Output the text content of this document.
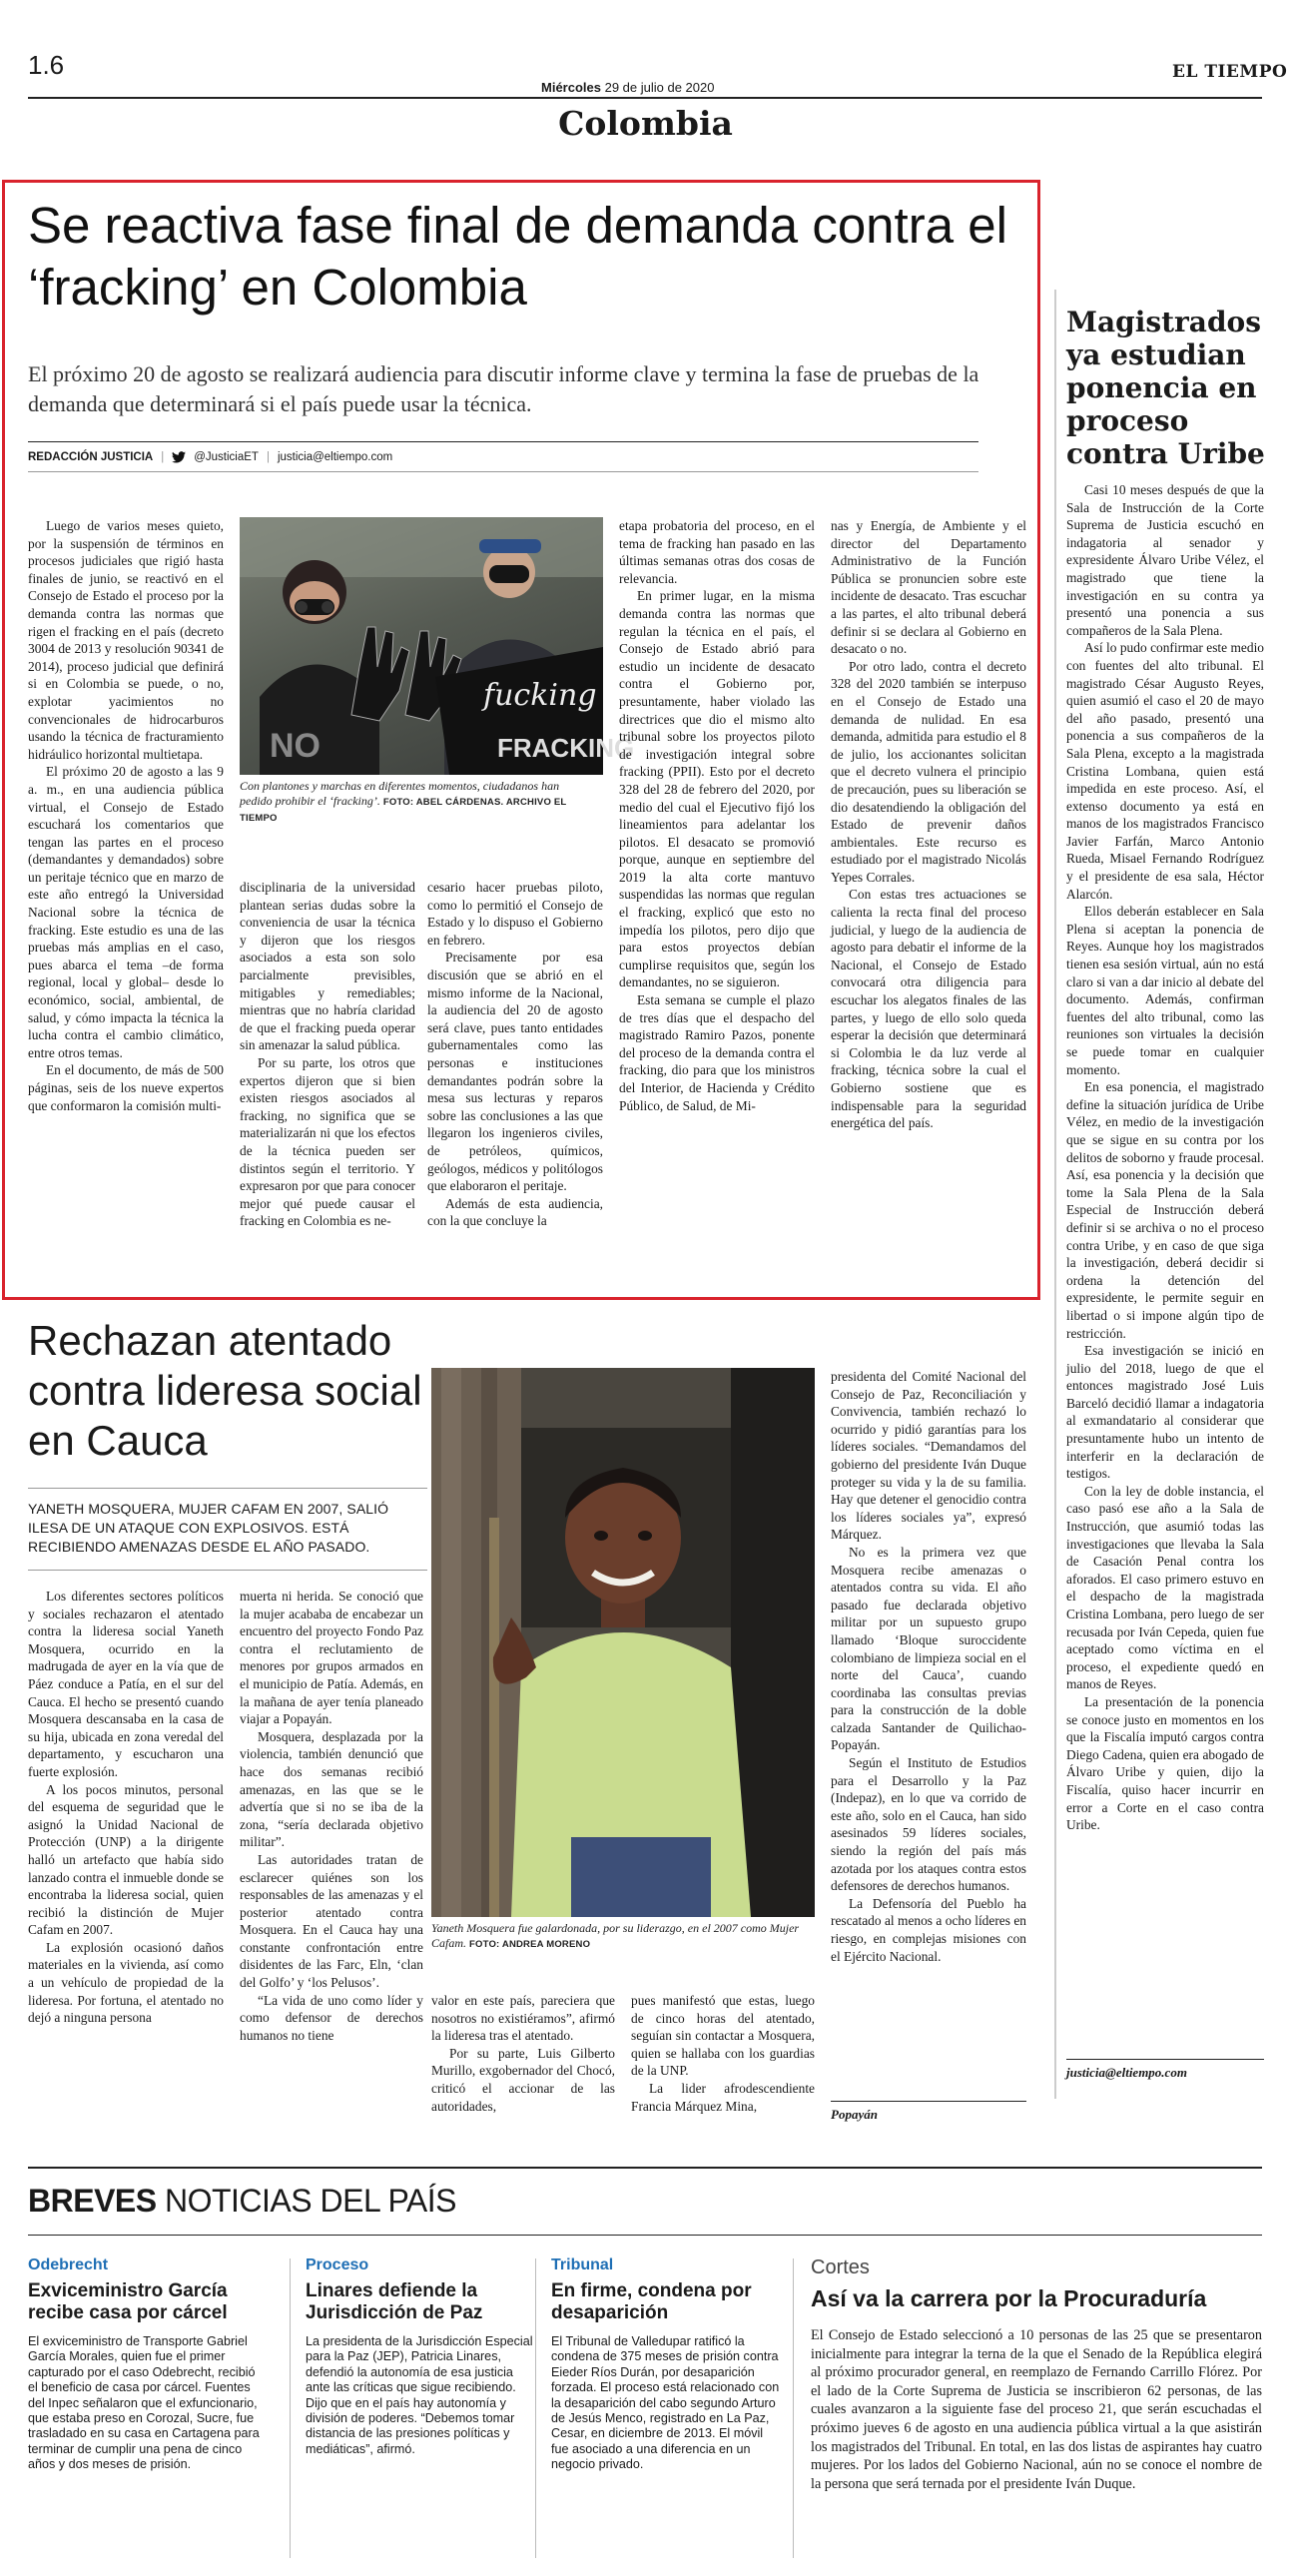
1.6
Miércoles 29 de julio de 2020
EL TIEMPO
Colombia
Se reactiva fase final de demanda contra el ‘fracking’ en Colombia

El próximo 20 de agosto se realizará audiencia para discutir informe clave y termina la fase de pruebas de la demanda que determinará si el país puede usar la técnica.

REDACCIÓN JUSTICIA |	@JusticiaET | justicia@eltiempo.com

Luego de varios meses quieto, por la suspensión de términos en procesos judiciales que rigió hasta finales de junio, se reactivó en el Consejo de Estado el proceso por la demanda contra las normas que rigen el fracking en el país (decreto 3004 de 2013 y resolución 90341 de 2014), proceso judicial que definirá si en Colombia se puede, o no, explotar yacimientos no convencionales de hidrocarburos usando la técnica de fracturamiento hidráulico horizontal multietapa.

El próximo 20 de agosto a las 9 a. m., en una audiencia pública virtual, el Consejo de Estado escuchará los comentarios que tengan las partes en el proceso (demandantes y demandados) sobre un peritaje técnico que en marzo de este año entregó la Universidad Nacional sobre la técnica de fracking. Este estudio es una de las pruebas más amplias en el caso, pues abarca el tema –de forma regional, local y global– desde lo económico, social, ambiental, de salud, y cómo impacta la técnica la lucha contra el cambio climático, entre otros temas.

En el documento, de más de 500 páginas, seis de los nueve expertos que conformaron la comisión multi-

fucking
FRACKING
NO
Con plantones y marchas en diferentes momentos, ciudadanos han pedido prohibir el ‘fracking’. FOTO: ABEL CÁRDENAS. ARCHIVO EL TIEMPO

disciplinaria de la universidad plantean serias dudas sobre la conveniencia de usar la técnica y dijeron que los riesgos asociados a esta son solo parcialmente previsibles, mitigables y remediables; mientras que no habría claridad de que el fracking pueda operar sin amenazar la salud pública.

Por su parte, los otros que expertos dijeron que si bien existen riesgos asociados al fracking, no significa que se materializarán ni que los efectos de la técnica pueden ser distintos según el territorio. Y expresaron por que para conocer mejor qué puede causar el fracking en Colombia es ne-

cesario hacer pruebas piloto, como lo permitió el Consejo de Estado y lo dispuso el Gobierno en febrero.

Precisamente por esa discusión que se abrió en el mismo informe de la Nacional, la audiencia del 20 de agosto será clave, pues tanto entidades gubernamentales como las personas e instituciones demandantes podrán sobre la mesa sus lecturas y reparos sobre las conclusiones a las que llegaron los ingenieros civiles, de petróleos, químicos, geólogos, médicos y politólogos que elaboraron el peritaje.

Además de esta audiencia, con la que concluye la

etapa probatoria del proceso, en el tema de fracking han pasado en las últimas semanas otras dos cosas de relevancia.

En primer lugar, en la misma demanda contra las normas que regulan la técnica en el país, el Consejo de Estado abrió para estudio un incidente de desacato contra el Gobierno por, presuntamente, haber violado las directrices que dio el mismo alto tribunal sobre los proyectos piloto de investigación integral sobre fracking (PPII). Esto por el decreto 328 del 28 de febrero del 2020, por medio del cual el Ejecutivo fijó los lineamientos para adelantar los pilotos. El desacato se promovió porque, aunque en septiembre del 2019 la alta corte mantuvo suspendidas las normas que regulan el fracking, explicó que esto no impedía los pilotos, pero dijo que para estos proyectos debían cumplirse requisitos que, según los demandantes, no se siguieron.

Esta semana se cumple el plazo de tres días que el despacho del magistrado Ramiro Pazos, ponente del proceso de la demanda contra el fracking, dio para que los ministros del Interior, de Hacienda y Crédito Público, de Salud, de Mi-

nas y Energía, de Ambiente y el director del Departamento Administrativo de la Función Pública se pronuncien sobre este incidente de desacato. Tras escuchar a las partes, el alto tribunal deberá definir si se declara al Gobierno en desacato o no.

Por otro lado, contra el decreto 328 del 2020 también se interpuso en el Consejo de Estado una demanda de nulidad. En esa demanda, admitida para estudio el 8 de julio, los accionantes solicitan que el decreto vulnera el principio de precaución, pues su liberación se dio desatendiendo la obligación del Estado de prevenir daños ambientales. Este recurso es estudiado por el magistrado Nicolás Yepes Corrales.

Con estas tres actuaciones se calienta la recta final del proceso judicial, y luego de la audiencia de agosto para debatir el informe de la Nacional, el Consejo de Estado convocará otra diligencia para escuchar los alegatos finales de las partes, y luego de ello solo queda esperar la decisión que determinará si Colombia le da luz verde al fracking, técnica sobre la cual el Gobierno sostiene que es indispensable para la seguridad energética del país.

Magistrados ya estudian ponencia en proceso contra Uribe

Casi 10 meses después de que la Sala de Instrucción de la Corte Suprema de Justicia escuchó en indagatoria al senador y expresidente Álvaro Uribe Vélez, el magistrado que tiene la investigación en su contra ya presentó una ponencia a sus compañeros de la Sala Plena.

Así lo pudo confirmar este medio con fuentes del alto tribunal. El magistrado César Augusto Reyes, quien asumió el caso el 20 de mayo del año pasado, presentó una ponencia a sus compañeros de la Sala Plena, excepto a la magistrada Cristina Lombana, quien está impedida en este proceso. Así, el extenso documento ya está en manos de los magistrados Francisco Javier Farfán, Marco Antonio Rueda, Misael Fernando Rodríguez y el presidente de esa sala, Héctor Alarcón.

Ellos deberán establecer en Sala Plena si aceptan la ponencia de Reyes. Aunque hoy los magistrados tienen esa sesión virtual, aún no está claro si van a dar inicio al debate del documento. Además, confirman fuentes del alto tribunal, como las reuniones son virtuales la decisión se puede tomar en cualquier momento.

En esa ponencia, el magistrado define la situación jurídica de Uribe Vélez, en medio de la investigación que se sigue en su contra por los delitos de soborno y fraude procesal. Así, esa ponencia y la decisión que tome la Sala Plena de la Sala Especial de Instrucción deberá definir si se archiva o no el proceso contra Uribe, y en caso de que siga la investigación, deberá decidir si ordena la detención del expresidente, le permite seguir en libertad o si impone algún tipo de restricción.

Esa investigación se inició en julio del 2018, luego de que el entonces magistrado José Luis Barceló decidió llamar a indagatoria al exmandatario al considerar que presuntamente hubo un intento de interferir en la declaración de testigos.

Con la ley de doble instancia, el caso pasó ese año a la Sala de Instrucción, que asumió todas las investigaciones que llevaba la Sala de Casación Penal contra los aforados. El caso primero estuvo en el despacho de la magistrada Cristina Lombana, pero luego de ser recusada por Iván Cepeda, quien fue aceptado como víctima en el proceso, el expediente quedó en manos de Reyes.

La presentación de la ponencia se conoce justo en momentos en los que la Fiscalía imputó cargos contra Diego Cadena, quien era abogado de Álvaro Uribe y quien, dijo la Fiscalía, quiso hacer incurrir en error a Corte en el caso contra Uribe.

justicia@eltiempo.com
Rechazan atentado contra lideresa social en Cauca

YANETH MOSQUERA, MUJER CAFAM EN 2007, SALIÓ ILESA DE UN ATAQUE CON EXPLOSIVOS. ESTÁ RECIBIENDO AMENAZAS DESDE EL AÑO PASADO.

Los diferentes sectores políticos y sociales rechazaron el atentado contra la lideresa social Yaneth Mosquera, ocurrido en la madrugada de ayer en la vía que de Páez conduce a Patía, en el sur del Cauca. El hecho se presentó cuando Mosquera descansaba en la casa de su hija, ubicada en zona veredal del departamento, y escucharon una fuerte explosión.

A los pocos minutos, personal del esquema de seguridad que le asignó la Unidad Nacional de Protección (UNP) a la dirigente halló un artefacto que había sido lanzado contra el inmueble donde se encontraba la lideresa social, quien recibió la distinción de Mujer Cafam en 2007.

La explosión ocasionó daños materiales en la vivienda, así como a un vehículo de propiedad de la lideresa. Por fortuna, el atentado no dejó a ninguna persona

muerta ni herida. Se conoció que la mujer acababa de encabezar un encuentro del proyecto Fondo Paz contra el reclutamiento de menores por grupos armados en el municipio de Patía. Además, en la mañana de ayer tenía planeado viajar a Popayán.

Mosquera, desplazada por la violencia, también denunció que hace dos semanas recibió amenazas, en las que se le advertía que si no se iba de la zona, “sería declarada objetivo militar”.

Las autoridades tratan de esclarecer quiénes son los responsables de las amenazas y el posterior atentado contra Mosquera. En el Cauca hay una constante confrontación entre disidentes de las Farc, Eln, ‘clan del Golfo’ y ‘los Pelusos’.

“La vida de uno como líder y como defensor de derechos humanos no tiene

Yaneth Mosquera fue galardonada, por su liderazgo, en el 2007 como Mujer Cafam. FOTO: ANDREA MORENO

valor en este país, pareciera que nosotros no existiéramos”, afirmó la lideresa tras el atentado.

Por su parte, Luis Gilberto Murillo, exgobernador del Chocó, criticó el accionar de las autoridades,

pues manifestó que estas, luego de cinco horas del atentado, seguían sin contactar a Mosquera, quien se hallaba con los guardias de la UNP.

La lider afrodescendiente Francia Márquez Mina,

presidenta del Comité Nacional del Consejo de Paz, Reconciliación y Convivencia, también rechazó lo ocurrido y pidió garantías para los líderes sociales. “Demandamos del gobierno del presidente Iván Duque proteger su vida y la de su familia. Hay que detener el genocidio contra los líderes sociales ya”, expresó Márquez.

No es la primera vez que Mosquera recibe amenazas o atentados contra su vida. El año pasado fue declarada objetivo militar por un supuesto grupo llamado ‘Bloque suroccidente colombiano de limpieza social en el norte del Cauca’, cuando coordinaba las consultas previas para la construcción de la doble calzada Santander de Quilichao-Popayán.

Según el Instituto de Estudios para el Desarrollo y la Paz (Indepaz), en lo que va corrido de este año, solo en el Cauca, han sido asesinados 59 líderes sociales, siendo la región del país más azotada por los ataques contra estos defensores de derechos humanos.

La Defensoría del Pueblo ha rescatado al menos a ocho líderes en riesgo, en complejas misiones con el Ejército Nacional.

Popayán
BREVES NOTICIAS DEL PAÍS
Odebrecht
Exviceministro García recibe casa por cárcel
El exviceministro de Transporte Gabriel García Morales, quien fue el primer capturado por el caso Odebrecht, recibió el beneficio de casa por cárcel. Fuentes del Inpec señalaron que el exfuncionario, que estaba preso en Corozal, Sucre, fue trasladado en su casa en Cartagena para terminar de cumplir una pena de cinco años y dos meses de prisión.
Proceso
Linares defiende la Jurisdicción de Paz
La presidenta de la Jurisdicción Especial para la Paz (JEP), Patricia Linares, defendió la autonomía de esa justicia ante las críticas que sigue recibiendo. Dijo que en el país hay autonomía y división de poderes. “Debemos tomar distancia de las presiones políticas y mediáticas”, afirmó.
Tribunal
En firme, condena por desaparición
El Tribunal de Valledupar ratificó la condena de 375 meses de prisión contra Eieder Ríos Durán, por desaparición forzada. El proceso está relacionado con la desaparición del cabo segundo Arturo de Jesús Menco, registrado en La Paz, Cesar, en diciembre de 2013. El móvil fue asociado a una diferencia en un negocio privado.
Cortes
Así va la carrera por la Procuraduría
El Consejo de Estado seleccionó a 10 personas de las 25 que se presentaron inicialmente para integrar la terna de la que el Senado de la República elegirá al próximo procurador general, en reemplazo de Fernando Carrillo Flórez. Por el lado de la Corte Suprema de Justicia se inscribieron 62 personas, de las cuales avanzaron a la siguiente fase del proceso 21, que serán escuchadas el próximo jueves 6 de agosto en una audiencia pública virtual a la que asistirán los magistrados del Tribunal. En total, en las dos listas de aspirantes hay cuatro mujeres. Por los lados del Gobierno Nacional, aún no se conoce el nombre de la persona que será ternada por el presidente Iván Duque.
